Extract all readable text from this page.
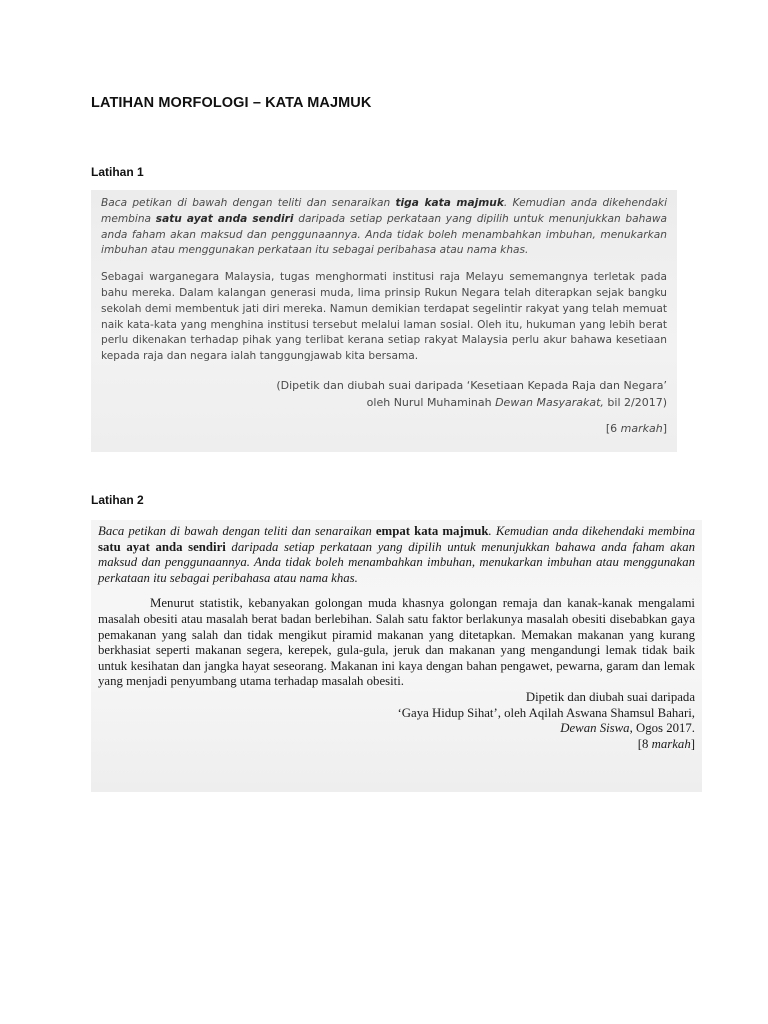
LATIHAN MORFOLOGI – KATA MAJMUK
Latihan 1

Baca petikan di bawah dengan teliti dan senaraikan tiga kata majmuk. Kemudian anda dikehendaki membina satu ayat anda sendiri daripada setiap perkataan yang dipilih untuk menunjukkan bahawa anda faham akan maksud dan penggunaannya. Anda tidak boleh menambahkan imbuhan, menukarkan imbuhan atau menggunakan perkataan itu sebagai peribahasa atau nama khas.

Sebagai warganegara Malaysia, tugas menghormati institusi raja Melayu sememangnya terletak pada bahu mereka. Dalam kalangan generasi muda, lima prinsip Rukun Negara telah diterapkan sejak bangku sekolah demi membentuk jati diri mereka. Namun demikian terdapat segelintir rakyat yang telah memuat naik kata-kata yang menghina institusi tersebut melalui laman sosial. Oleh itu, hukuman yang lebih berat perlu dikenakan terhadap pihak yang terlibat kerana setiap rakyat Malaysia perlu akur bahawa kesetiaan kepada raja dan negara ialah tanggungjawab kita bersama.

(Dipetik dan diubah suai daripada ‘Kesetiaan Kepada Raja dan Negara’
oleh Nurul Muhaminah Dewan Masyarakat, bil 2/2017)

[6 markah]

Latihan 2

Baca petikan di bawah dengan teliti dan senaraikan empat kata majmuk. Kemudian anda dikehendaki membina satu ayat anda sendiri daripada setiap perkataan yang dipilih untuk menunjukkan bahawa anda faham akan maksud dan penggunaannya. Anda tidak boleh menambahkan imbuhan, menukarkan imbuhan atau menggunakan perkataan itu sebagai peribahasa atau nama khas.

Menurut statistik, kebanyakan golongan muda khasnya golongan remaja dan kanak-kanak mengalami masalah obesiti atau masalah berat badan berlebihan. Salah satu faktor berlakunya masalah obesiti disebabkan gaya pemakanan yang salah dan tidak mengikut piramid makanan yang ditetapkan. Memakan makanan yang kurang berkhasiat seperti makanan segera, kerepek, gula-gula, jeruk dan makanan yang mengandungi lemak tidak baik untuk kesihatan dan jangka hayat seseorang. Makanan ini kaya dengan bahan pengawet, pewarna, garam dan lemak yang menjadi penyumbang utama terhadap masalah obesiti.

Dipetik dan diubah suai daripada
‘Gaya Hidup Sihat’, oleh Aqilah Aswana Shamsul Bahari,
Dewan Siswa, Ogos 2017.
[8 markah]
